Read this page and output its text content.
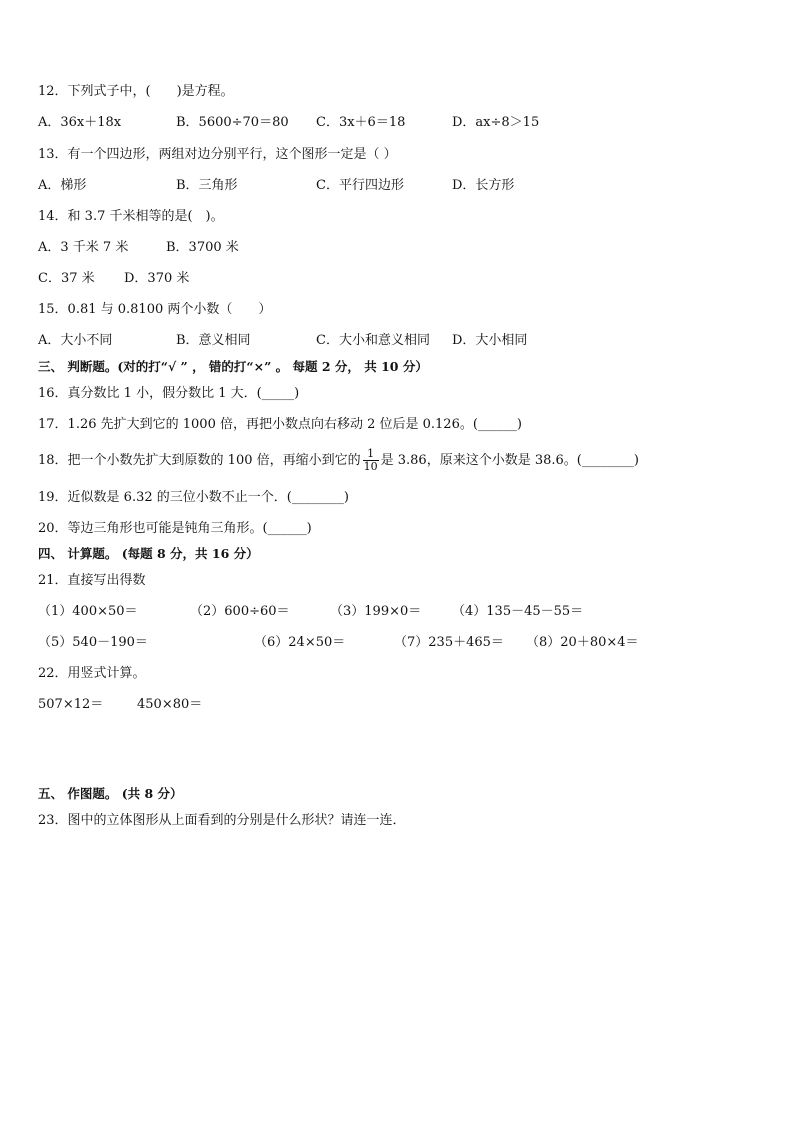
12．下列式子中，(　　)是方程。
A．36x＋18x	B．5600÷70＝80 C．3x＋6＝18	D．ax÷8＞15
13．有一个四边形，两组对边分别平行，这个图形一定是（ ）
A．梯形	B．三角形	C．平行四边形	D．长方形
14．和 3.7 千米相等的是(　)。
A．3 千米 7 米	B．3700 米
C．37 米 D．370 米
15．0.81 与 0.8100 两个小数（　　）
A．大小不同	B．意义相同	C．大小和意义相同 D．大小相同
三、 判断题。(对的打“√ ” ， 错的打“×” 。 每题 2 分， 共 10 分）
16．真分数比 1 小，假分数比 1 大．(_____)
17．1.26 先扩大到它的 1000 倍，再把小数点向右移动 2 位后是 0.126。(______)
18．把一个小数先扩大到原数的 100 倍，再缩小到它的 $\frac{1}{10}$ 是 3.86，原来这个小数是 38.6。(________)
19．近似数是 6.32 的三位小数不止一个．(________)
20．等边三角形也可能是钝角三角形。(______)
四、 计算题。 (每题 8 分，共 16 分）
21．直接写出得数
（1）400×50＝	（2）600÷60＝	（3）199×0＝ （4）135－45－55＝
（5）540－190＝	（6）24×50＝	（7）235＋465＝ （8）20＋80×4＝
22．用竖式计算。
507×12＝	450×80＝
五、 作图题。 (共 8 分）
23．图中的立体图形从上面看到的分别是什么形状？请连一连．
